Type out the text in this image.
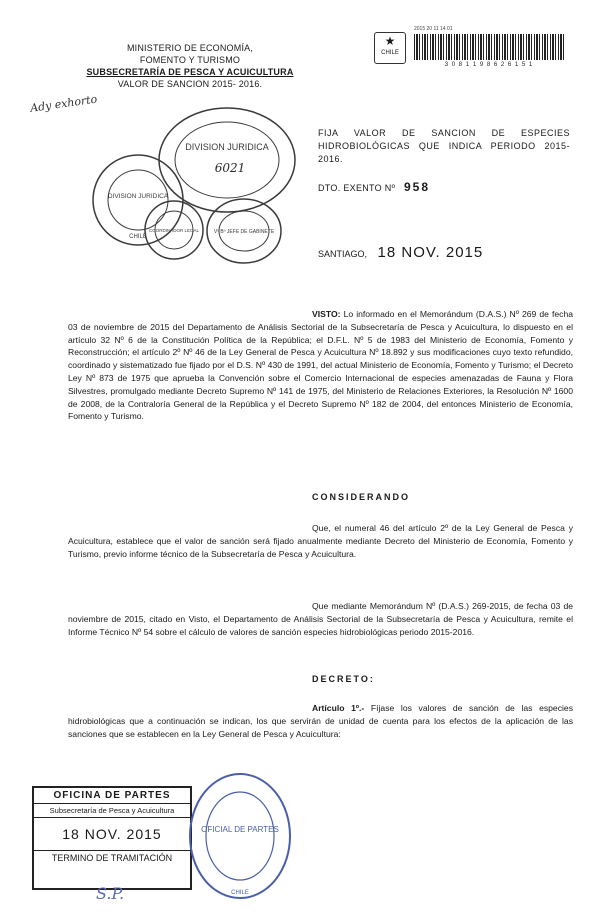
MINISTERIO DE ECONOMÍA,
FOMENTO Y TURISMO
SUBSECRETARÍA DE PESCA Y ACUICULTURA
VALOR DE SANCION 2015- 2016.
★
CHILE
2015 20 11 14 01
3 0 8 1 1 9 8 6 2 6 1 5 1
Ady exhorto
DIVISION JURIDICA
6021
DIVISION JURIDICA
CHILE
COORDINADOR LEGAL	Vº Bº JEFE DE GABINETE
FIJA VALOR DE SANCION DE ESPECIES HIDROBIOLÓGICAS QUE INDICA PERIODO 2015-2016.
DTO. EXENTO Nº 958
SANTIAGO, 18 NOV. 2015
VISTO: Lo informado en el Memorándum (D.A.S.) Nº 269 de fecha 03 de noviembre de 2015 del Departamento de Análisis Sectorial de la Subsecretaría de Pesca y Acuicultura, lo dispuesto en el artículo 32 Nº 6 de la Constitución Política de la República; el D.F.L. Nº 5 de 1983 del Ministerio de Economía, Fomento y Reconstrucción; el artículo 2º Nº 46 de la Ley General de Pesca y Acuicultura Nº 18.892 y sus modificaciones cuyo texto refundido, coordinado y sistematizado fue fijado por el D.S. Nº 430 de 1991, del actual Ministerio de Economía, Fomento y Turismo; el Decreto Ley Nº 873 de 1975 que aprueba la Convención sobre el Comercio Internacional de especies amenazadas de Fauna y Flora Silvestres, promulgado mediante Decreto Supremo Nº 141 de 1975, del Ministerio de Relaciones Exteriores, la Resolución Nº 1600 de 2008, de la Contraloría General de la República y el Decreto Supremo Nº 182 de 2004, del entonces Ministerio de Economía, Fomento y Turismo.
CONSIDERANDO
Que, el numeral 46 del artículo 2º de la Ley General de Pesca y Acuicultura, establece que el valor de sanción será fijado anualmente mediante Decreto del Ministerio de Economía, Fomento y Turismo, previo informe técnico de la Subsecretaría de Pesca y Acuicultura.
Que mediante Memorándum Nº (D.A.S.) 269-2015, de fecha 03 de noviembre de 2015, citado en Visto, el Departamento de Análisis Sectorial de la Subsecretaría de Pesca y Acuicultura, remite el Informe Técnico Nº 54 sobre el cálculo de valores de sanción especies hidrobiológicas periodo 2015-2016.
DECRETO:
Artículo 1º.- Fíjase los valores de sanción de las especies hidrobiológicas que a continuación se indican, los que servirán de unidad de cuenta para los efectos de la aplicación de las sanciones que se establecen en la Ley General de Pesca y Acuicultura:
OFICINA DE PARTES
Subsecretaría de Pesca y Acuicultura
18 NOV. 2015
TERMINO DE TRAMITACIÓN
OFICIAL DE PARTES
CHILE
S.P.
